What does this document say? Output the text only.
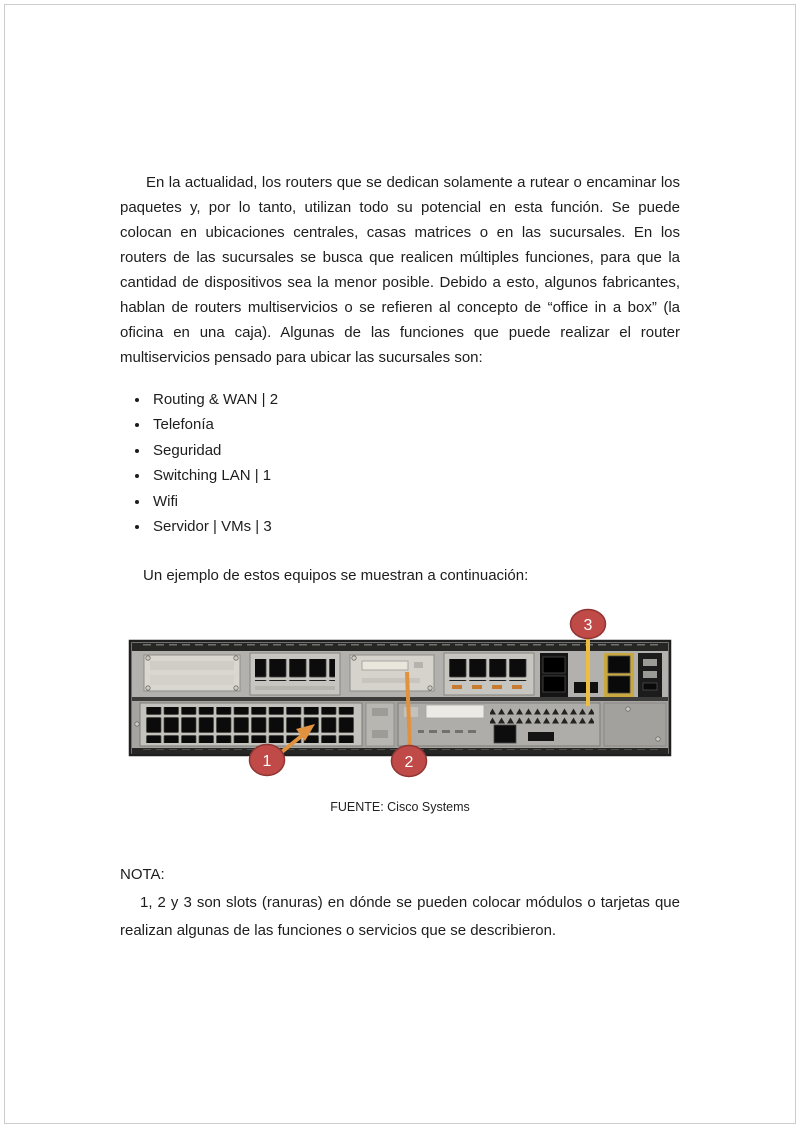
En la actualidad, los routers que se dedican solamente a rutear o encaminar los paquetes y, por lo tanto, utilizan todo su potencial en esta función. Se puede colocan en ubicaciones centrales, casas matrices o en las sucursales. En los routers de las sucursales se busca que realicen múltiples funciones, para que la cantidad de dispositivos sea la menor posible. Debido a esto, algunos fabricantes, hablan de routers multiservicios o se refieren al concepto de “office in a box” (la oficina en una caja). Algunas de las funciones que puede realizar el router multiservicios pensado para ubicar las sucursales son:

• Routing & WAN | 2
• Telefonía
• Seguridad
• Switching LAN | 1
• Wifi
• Servidor | VMs | 3

Un ejemplo de estos equipos se muestran a continuación:

1	2
3
FUENTE: Cisco Systems
NOTA:

1, 2 y 3 son slots (ranuras) en dónde se pueden colocar módulos o tarjetas que realizan algunas de las funciones o servicios que se describieron.
